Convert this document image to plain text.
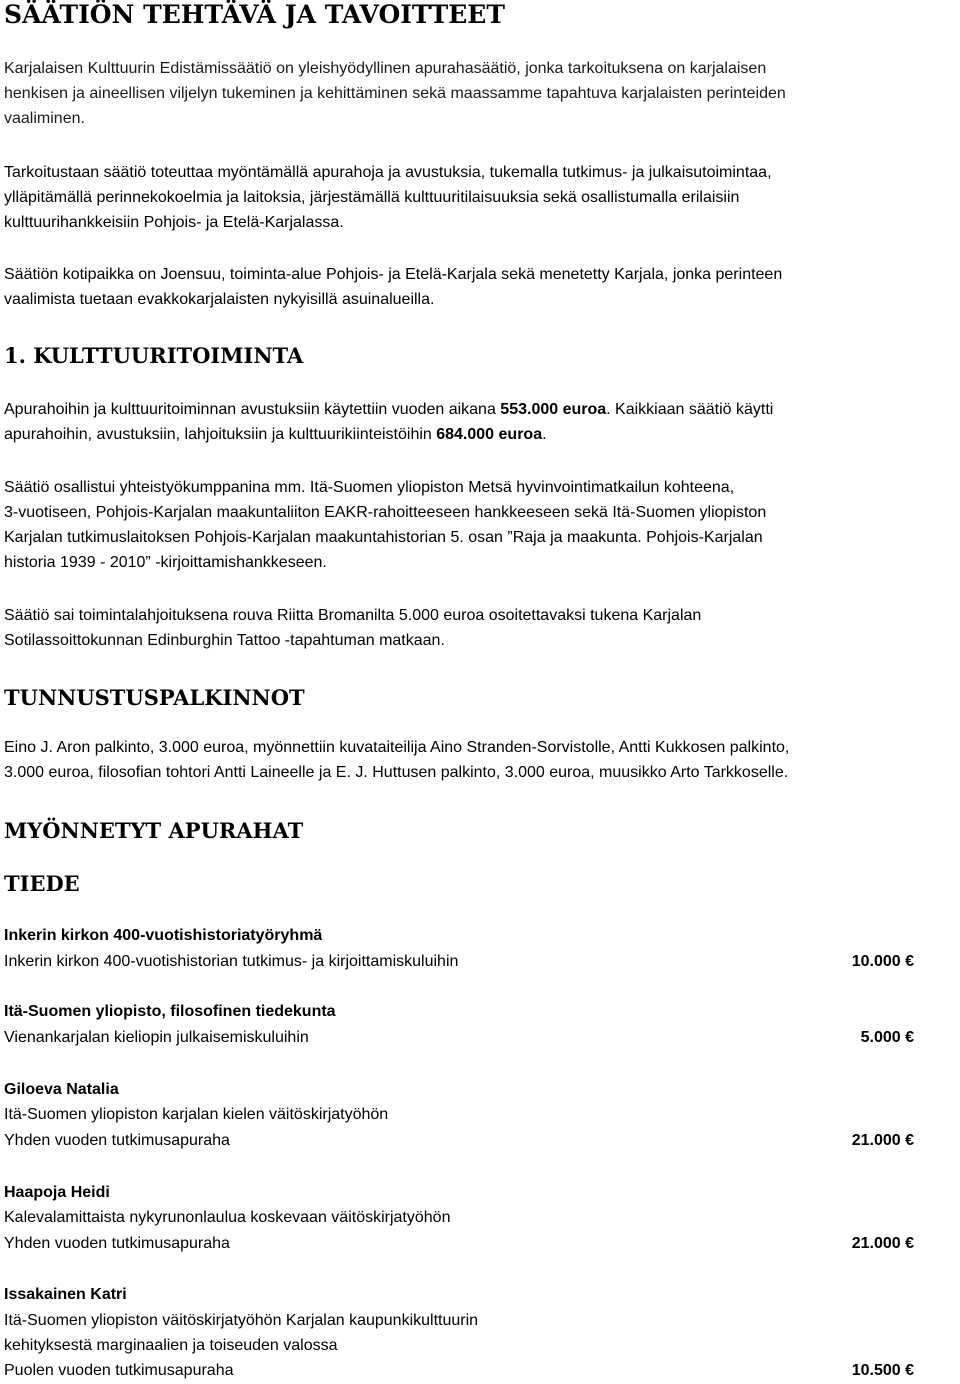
SÄÄTIÖN TEHTÄVÄ JA TAVOITTEET

Karjalaisen Kulttuurin Edistämissäätiö on yleishyödyllinen apurahasäätiö, jonka tarkoituksena on karjalaisen
henkisen ja aineellisen viljelyn tukeminen ja kehittäminen sekä maassamme tapahtuva karjalaisten perinteiden
vaaliminen.

Tarkoitustaan säätiö toteuttaa myöntämällä apurahoja ja avustuksia, tukemalla tutkimus- ja julkaisutoimintaa,
ylläpitämällä perinnekokoelmia ja laitoksia, järjestämällä kulttuuritilaisuuksia sekä osallistumalla erilaisiin
kulttuurihankkeisiin Pohjois- ja Etelä-Karjalassa.

Säätiön kotipaikka on Joensuu, toiminta-alue Pohjois- ja Etelä-Karjala sekä menetetty Karjala, jonka perinteen
vaalimista tuetaan evakkokarjalaisten nykyisillä asuinalueilla.

1. KULTTUURITOIMINTA

Apurahoihin ja kulttuuritoiminnan avustuksiin käytettiin vuoden aikana 553.000 euroa. Kaikkiaan säätiö käytti
apurahoihin, avustuksiin, lahjoituksiin ja kulttuurikiinteistöihin 684.000 euroa.

Säätiö osallistui yhteistyökumppanina mm. Itä-Suomen yliopiston Metsä hyvinvointimatkailun kohteena,
3-vuotiseen, Pohjois-Karjalan maakuntaliiton EAKR-rahoitteeseen hankkeeseen sekä Itä-Suomen yliopiston
Karjalan tutkimuslaitoksen Pohjois-Karjalan maakuntahistorian 5. osan ”Raja ja maakunta. Pohjois-Karjalan
historia 1939 - 2010” -kirjoittamishankkeseen.

Säätiö sai toimintalahjoituksena rouva Riitta Bromanilta 5.000 euroa osoitettavaksi tukena Karjalan
Sotilassoittokunnan Edinburghin Tattoo -tapahtuman matkaan.

TUNNUSTUSPALKINNOT

Eino J. Aron palkinto, 3.000 euroa, myönnettiin kuvataiteilija Aino Stranden-Sorvistolle, Antti Kukkosen palkinto,
3.000 euroa, filosofian tohtori Antti Laineelle ja E. J. Huttusen palkinto, 3.000 euroa, muusikko Arto Tarkkoselle.

MYÖNNETYT APURAHAT
TIEDE

Inkerin kirkon 400-vuotishistoriatyöryhmä

Inkerin kirkon 400-vuotishistorian tutkimus- ja kirjoittamiskuluihin	10.000 €

Itä-Suomen yliopisto, filosofinen tiedekunta

Vienankarjalan kieliopin julkaisemiskuluihin	5.000 €

Giloeva Natalia

Itä-Suomen yliopiston karjalan kielen väitöskirjatyöhön

Yhden vuoden tutkimusapuraha	21.000 €

Haapoja Heidi

Kalevalamittaista nykyrunonlaulua koskevaan väitöskirjatyöhön

Yhden vuoden tutkimusapuraha	21.000 €

Issakainen Katri

Itä-Suomen yliopiston väitöskirjatyöhön Karjalan kaupunkikulttuurin

kehityksestä marginaalien ja toiseuden valossa

Puolen vuoden tutkimusapuraha	10.500 €
